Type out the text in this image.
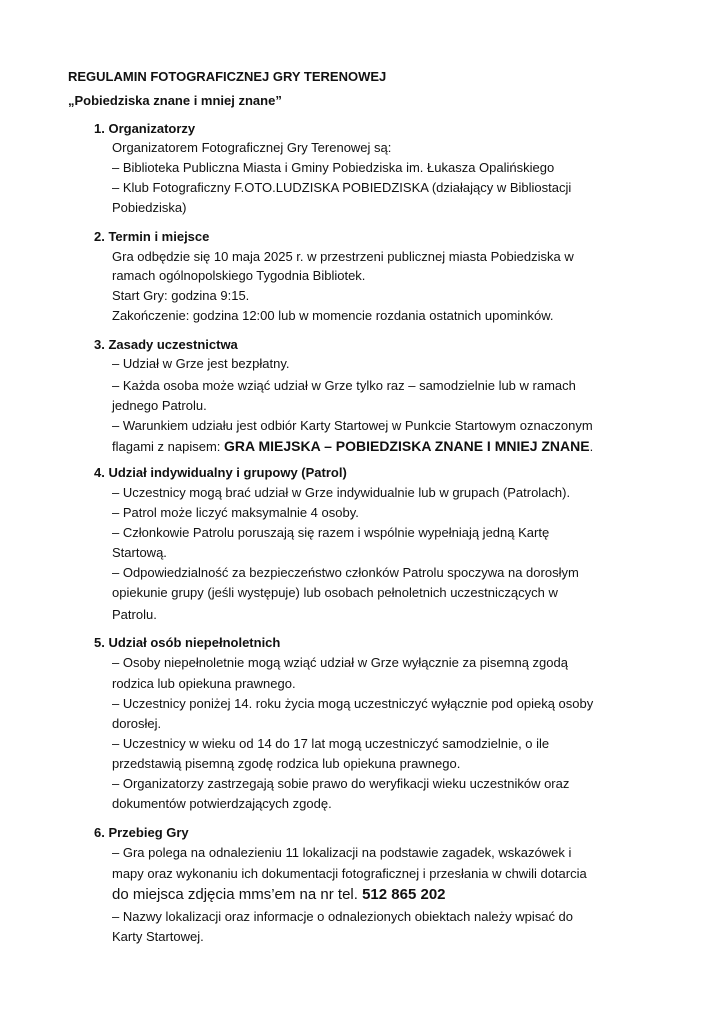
REGULAMIN FOTOGRAFICZNEJ GRY TERENOWEJ
„Pobiedziska znane i mniej znane”
1. Organizatorzy
Organizatorem Fotograficznej Gry Terenowej są:
– Biblioteka Publiczna Miasta i Gminy Pobiedziska im. Łukasza Opalińskiego
– Klub Fotograficzny F.OTO.LUDZISKA POBIEDZISKA (działający w Bibliostacji
Pobiedziska)
2. Termin i miejsce
Gra odbędzie się 10 maja 2025 r. w przestrzeni publicznej miasta Pobiedziska w
ramach ogólnopolskiego Tygodnia Bibliotek.
Start Gry: godzina 9:15.
Zakończenie: godzina 12:00 lub w momencie rozdania ostatnich upominków.
3. Zasady uczestnictwa
– Udział w Grze jest bezpłatny.
– Każda osoba może wziąć udział w Grze tylko raz – samodzielnie lub w ramach
jednego Patrolu.
– Warunkiem udziału jest odbiór Karty Startowej w Punkcie Startowym oznaczonym
flagami z napisem: GRA MIEJSKA – POBIEDZISKA ZNANE I MNIEJ ZNANE.
4. Udział indywidualny i grupowy (Patrol)
– Uczestnicy mogą brać udział w Grze indywidualnie lub w grupach (Patrolach).
– Patrol może liczyć maksymalnie 4 osoby.
– Członkowie Patrolu poruszają się razem i wspólnie wypełniają jedną Kartę
Startową.
– Odpowiedzialność za bezpieczeństwo członków Patrolu spoczywa na dorosłym
opiekunie grupy (jeśli występuje) lub osobach pełnoletnich uczestniczących w
Patrolu.
5. Udział osób niepełnoletnich
– Osoby niepełnoletnie mogą wziąć udział w Grze wyłącznie za pisemną zgodą
rodzica lub opiekuna prawnego.
– Uczestnicy poniżej 14. roku życia mogą uczestniczyć wyłącznie pod opieką osoby
dorosłej.
– Uczestnicy w wieku od 14 do 17 lat mogą uczestniczyć samodzielnie, o ile
przedstawią pisemną zgodę rodzica lub opiekuna prawnego.
– Organizatorzy zastrzegają sobie prawo do weryfikacji wieku uczestników oraz
dokumentów potwierdzających zgodę.
6. Przebieg Gry
– Gra polega na odnalezieniu 11 lokalizacji na podstawie zagadek, wskazówek i
mapy oraz wykonaniu ich dokumentacji fotograficznej i przesłania w chwili dotarcia
do miejsca zdjęcia mms’em na nr tel. 512 865 202
– Nazwy lokalizacji oraz informacje o odnalezionych obiektach należy wpisać do
Karty Startowej.
